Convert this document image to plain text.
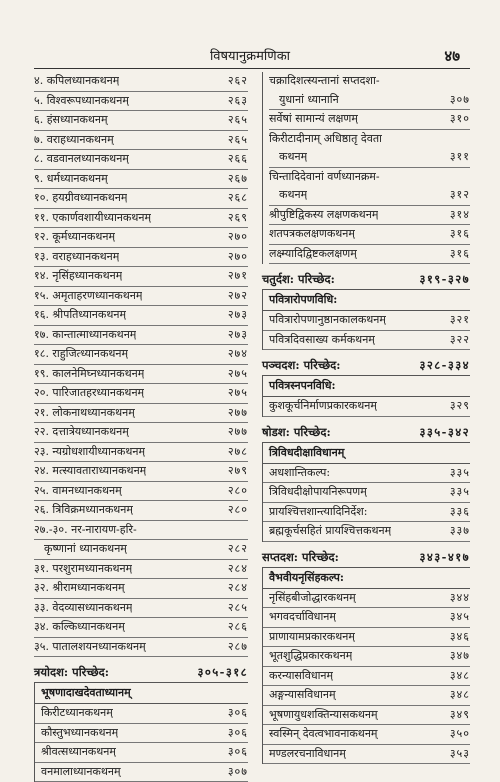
विषयानुक्रमणिका	४७
४. कपिलध्यानकथनम्	२६२
५. विश्वरूपध्यानकथनम्	२६३
६. हंसध्यानकथनम्	२६५
७. वराहध्यानकथनम्	२६५
८. वडवानलध्यानकथनम्	२६६
९. धर्मध्यानकथनम्	२६७
१०. हयग्रीवध्यानकथनम्	२६८
११. एकार्णवशायीध्यानकथनम्	२६९
१२. कूर्मध्यानकथनम्	२७०
१३. वराहध्यानकथनम्	२७०
१४. नृसिंहध्यानकथनम्	२७१
१५. अमृताहरणध्यानकथनम्	२७२
१६. श्रीपतिध्यानकथनम्	२७३
१७. कान्तात्माध्यानकथनम्	२७३
१८. राहुजित्ध्यानकथनम्	२७४
१९. कालनेमिघ्नध्यानकथनम्	२७५
२०. पारिजातहरध्यानकथनम्	२७५
२१. लोकनाथध्यानकथनम्	२७७
२२. दत्तात्रेयध्यानकथनम्	२७७
२३. न्यग्रोधशायीध्यानकथनम्	२७८
२४. मत्स्यावताराध्यानकथनम्	२७९
२५. वामनध्यानकथनम्	२८०
२६. त्रिविक्रमध्यानकथनम्	२८०
२७.-३०. नर-नारायण-हरि-
कृष्णानां ध्यानकथनम्	२८२
३१. परशुरामध्यानकथनम्	२८४
३२. श्रीरामध्यानकथनम्	२८४
३३. वेदव्यासध्यानकथनम्	२८५
३४. कल्किध्यानकथनम्	२८६
३५. पातालशयनध्यानकथनम्	२८७
त्रयोदश: परिच्छेद:	३०५-३१८
भूषणादाखदेवताध्यानम्
किरीटध्यानकथनम्	३०६
कौस्तुभध्यानकथनम्	३०६
श्रीवत्सध्यानकथनम्	३०६
वनमालाध्यानकथनम्	३०७
चक्रादिशत्स्यन्तानां सप्तदशा-
युधानां ध्यानानि	३०७
सर्वेषां सामान्यं लक्षणम्	३१०
किरीटादीनाम् अधिष्ठातृ देवता
कथनम्	३११
चिन्तादिदेवानां वर्णध्यानक्रम-
कथनम्	३१२
श्रीपुष्टिद्विकस्य लक्षणकथनम्	३१४
शतपत्रकलक्षणकथनम्	३१६
लक्ष्म्यादिद्विष्टकलक्षणम्	३१६
चतुर्दश: परिच्छेद:	३१९-३२७
पवित्रारोपणविधि:
पवित्रारोपणानुष्ठानकालकथनम्	३२१
पवित्रदिवसाख्य कर्मकथनम्	३२२
पञ्चदश: परिच्छेद:	३२८-३३४
पवित्रस्नपनविधि:
कुशकूर्चनिर्माणप्रकारकथनम्	३२९
षोडश: परिच्छेद:	३३५-३४२
त्रिविधदीक्षाविधानम्
अधशान्तिकल्प:	३३५
त्रिविधदीक्षोपायनिरूपणम्	३३५
प्रायश्चित्तशान्त्यादिनिर्देश:	३३६
ब्रह्मकूर्चसहितं प्रायश्चित्तकथनम्	३३७
सप्तदश: परिच्छेद:	३४३-४१७
वैभवीयनृसिंहकल्प:
नृसिंहबीजोद्धारकथनम्	३४४
भगवदर्चाविधानम्	३४५
प्राणायामप्रकारकथनम्	३४६
भूतशुद्धिप्रकारकथनम्	३४७
करन्यासविधानम्	३४८
अङ्गन्यासविधानम्	३४८
भूषणायुधशक्तिन्यासकथनम्	३४९
स्वस्मिन् देवत्वभावनाकथनम्	३५०
मण्डलरचनाविधानम्	३५३
